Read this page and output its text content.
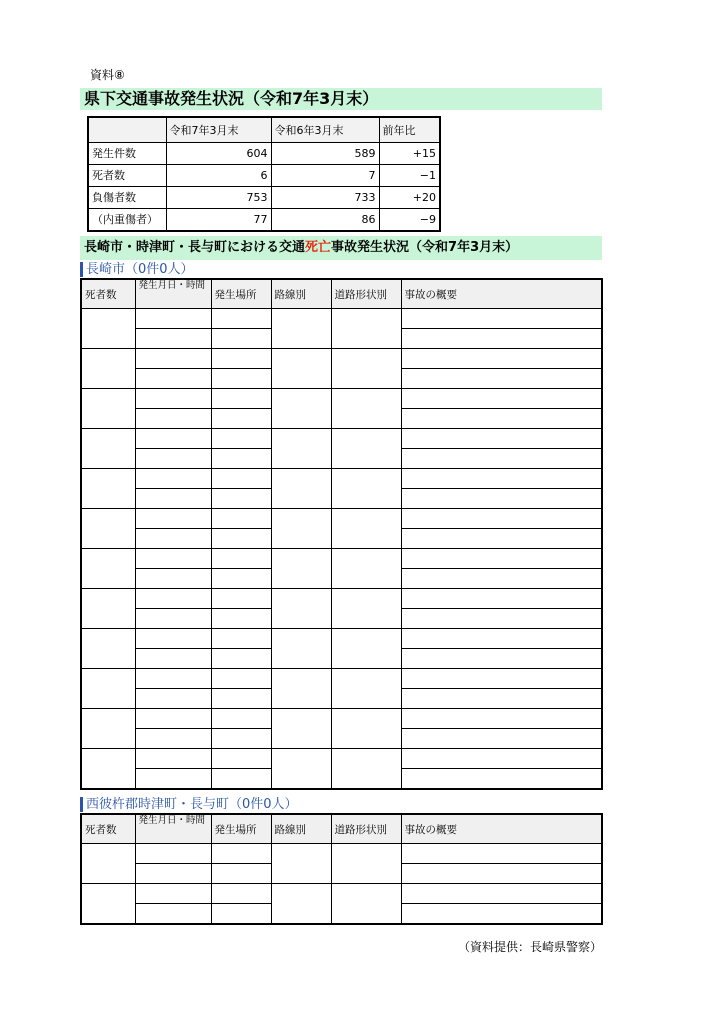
資料⑧
県下交通事故発生状況（令和7年3月末）
	令和7年3月末	令和6年3月末	前年比
発生件数	604	589	+15
死者数	6	7	−1
負傷者数	753	733	+20
（内重傷者）	77	86	−9
長崎市・時津町・長与町における交通死亡事故発生状況（令和7年3月末）
長崎市（0件0人）
死者数	発生月日・時間	発生場所	路線別	道路形状別	事故の概要

西彼杵郡時津町・長与町（0件0人）
死者数	発生月日・時間	発生場所	路線別	道路形状別	事故の概要

（資料提供：長崎県警察）
